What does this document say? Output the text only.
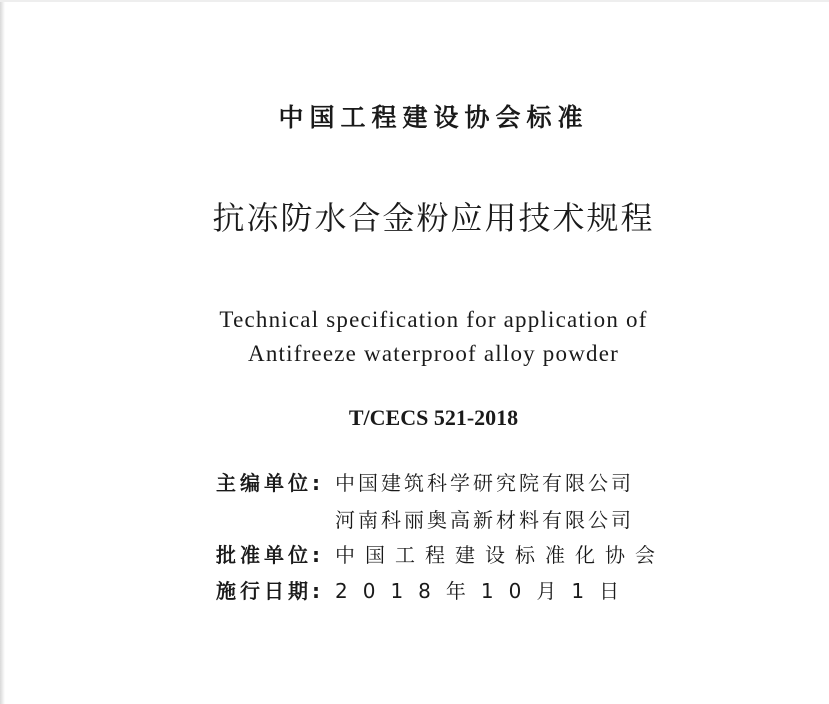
中国工程建设协会标准
抗冻防水合金粉应用技术规程
Technical specification for application of
Antifreeze waterproof alloy powder
T/CECS 521-2018
主编单位: 中国建筑科学研究院有限公司
河南科丽奥高新材料有限公司
批准单位: 中国工程建设标准化协会
施行日期: 2018年10月1日
